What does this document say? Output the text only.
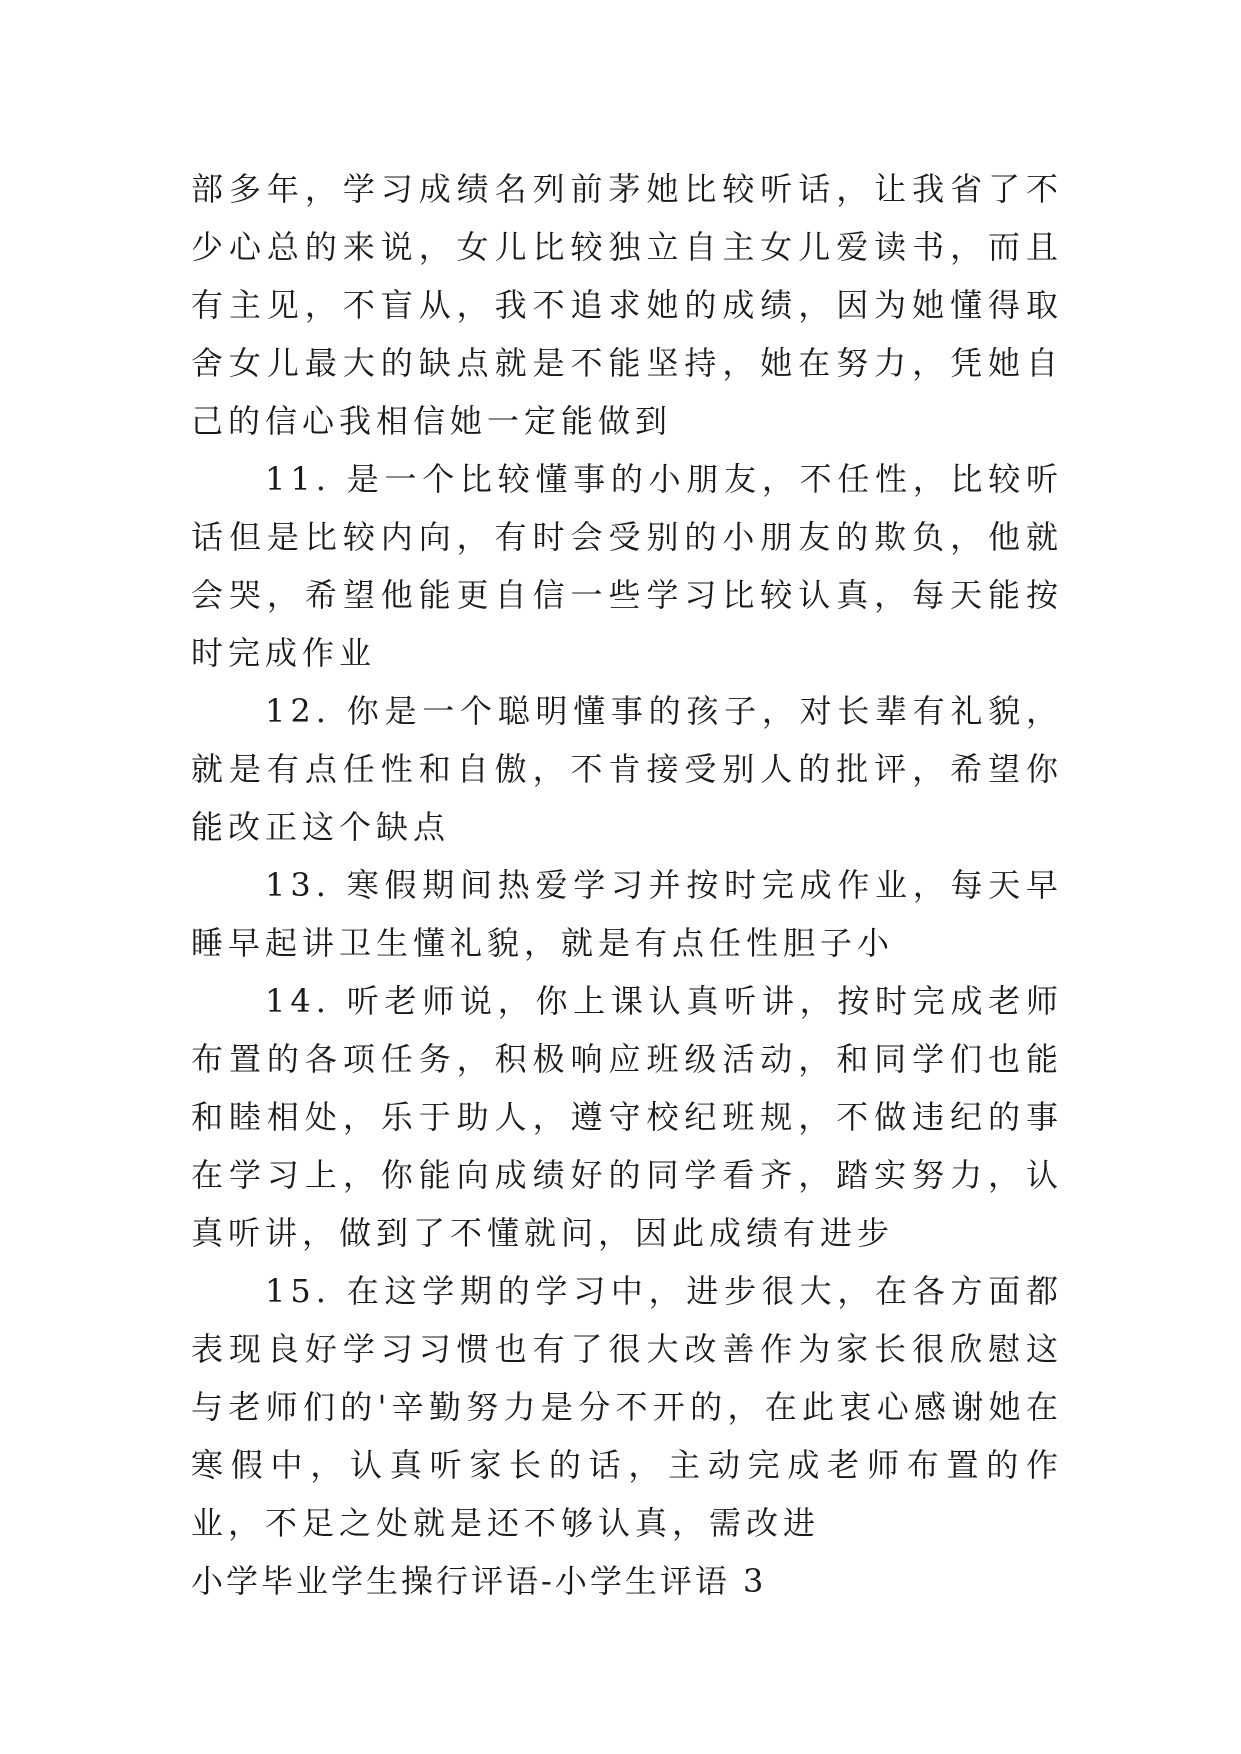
部多年，学习成绩名列前茅她比较听话，让我省了不少心总的来说，女儿比较独立自主女儿爱读书，而且有主见，不盲从，我不追求她的成绩，因为她懂得取舍女儿最大的缺点就是不能坚持，她在努力，凭她自己的信心我相信她一定能做到

11. 是一个比较懂事的小朋友，不任性，比较听话但是比较内向，有时会受别的小朋友的欺负，他就会哭，希望他能更自信一些学习比较认真，每天能按时完成作业

12. 你是一个聪明懂事的孩子，对长辈有礼貌，就是有点任性和自傲，不肯接受别人的批评，希望你能改正这个缺点

13. 寒假期间热爱学习并按时完成作业，每天早睡早起讲卫生懂礼貌，就是有点任性胆子小

14. 听老师说，你上课认真听讲，按时完成老师布置的各项任务，积极响应班级活动，和同学们也能和睦相处，乐于助人，遵守校纪班规，不做违纪的事在学习上，你能向成绩好的同学看齐，踏实努力，认真听讲，做到了不懂就问，因此成绩有进步

15. 在这学期的学习中，进步很大，在各方面都表现良好学习习惯也有了很大改善作为家长很欣慰这与老师们的'辛勤努力是分不开的，在此衷心感谢她在寒假中，认真听家长的话，主动完成老师布置的作业，不足之处就是还不够认真，需改进

小学毕业学生操行评语-小学生评语 3
